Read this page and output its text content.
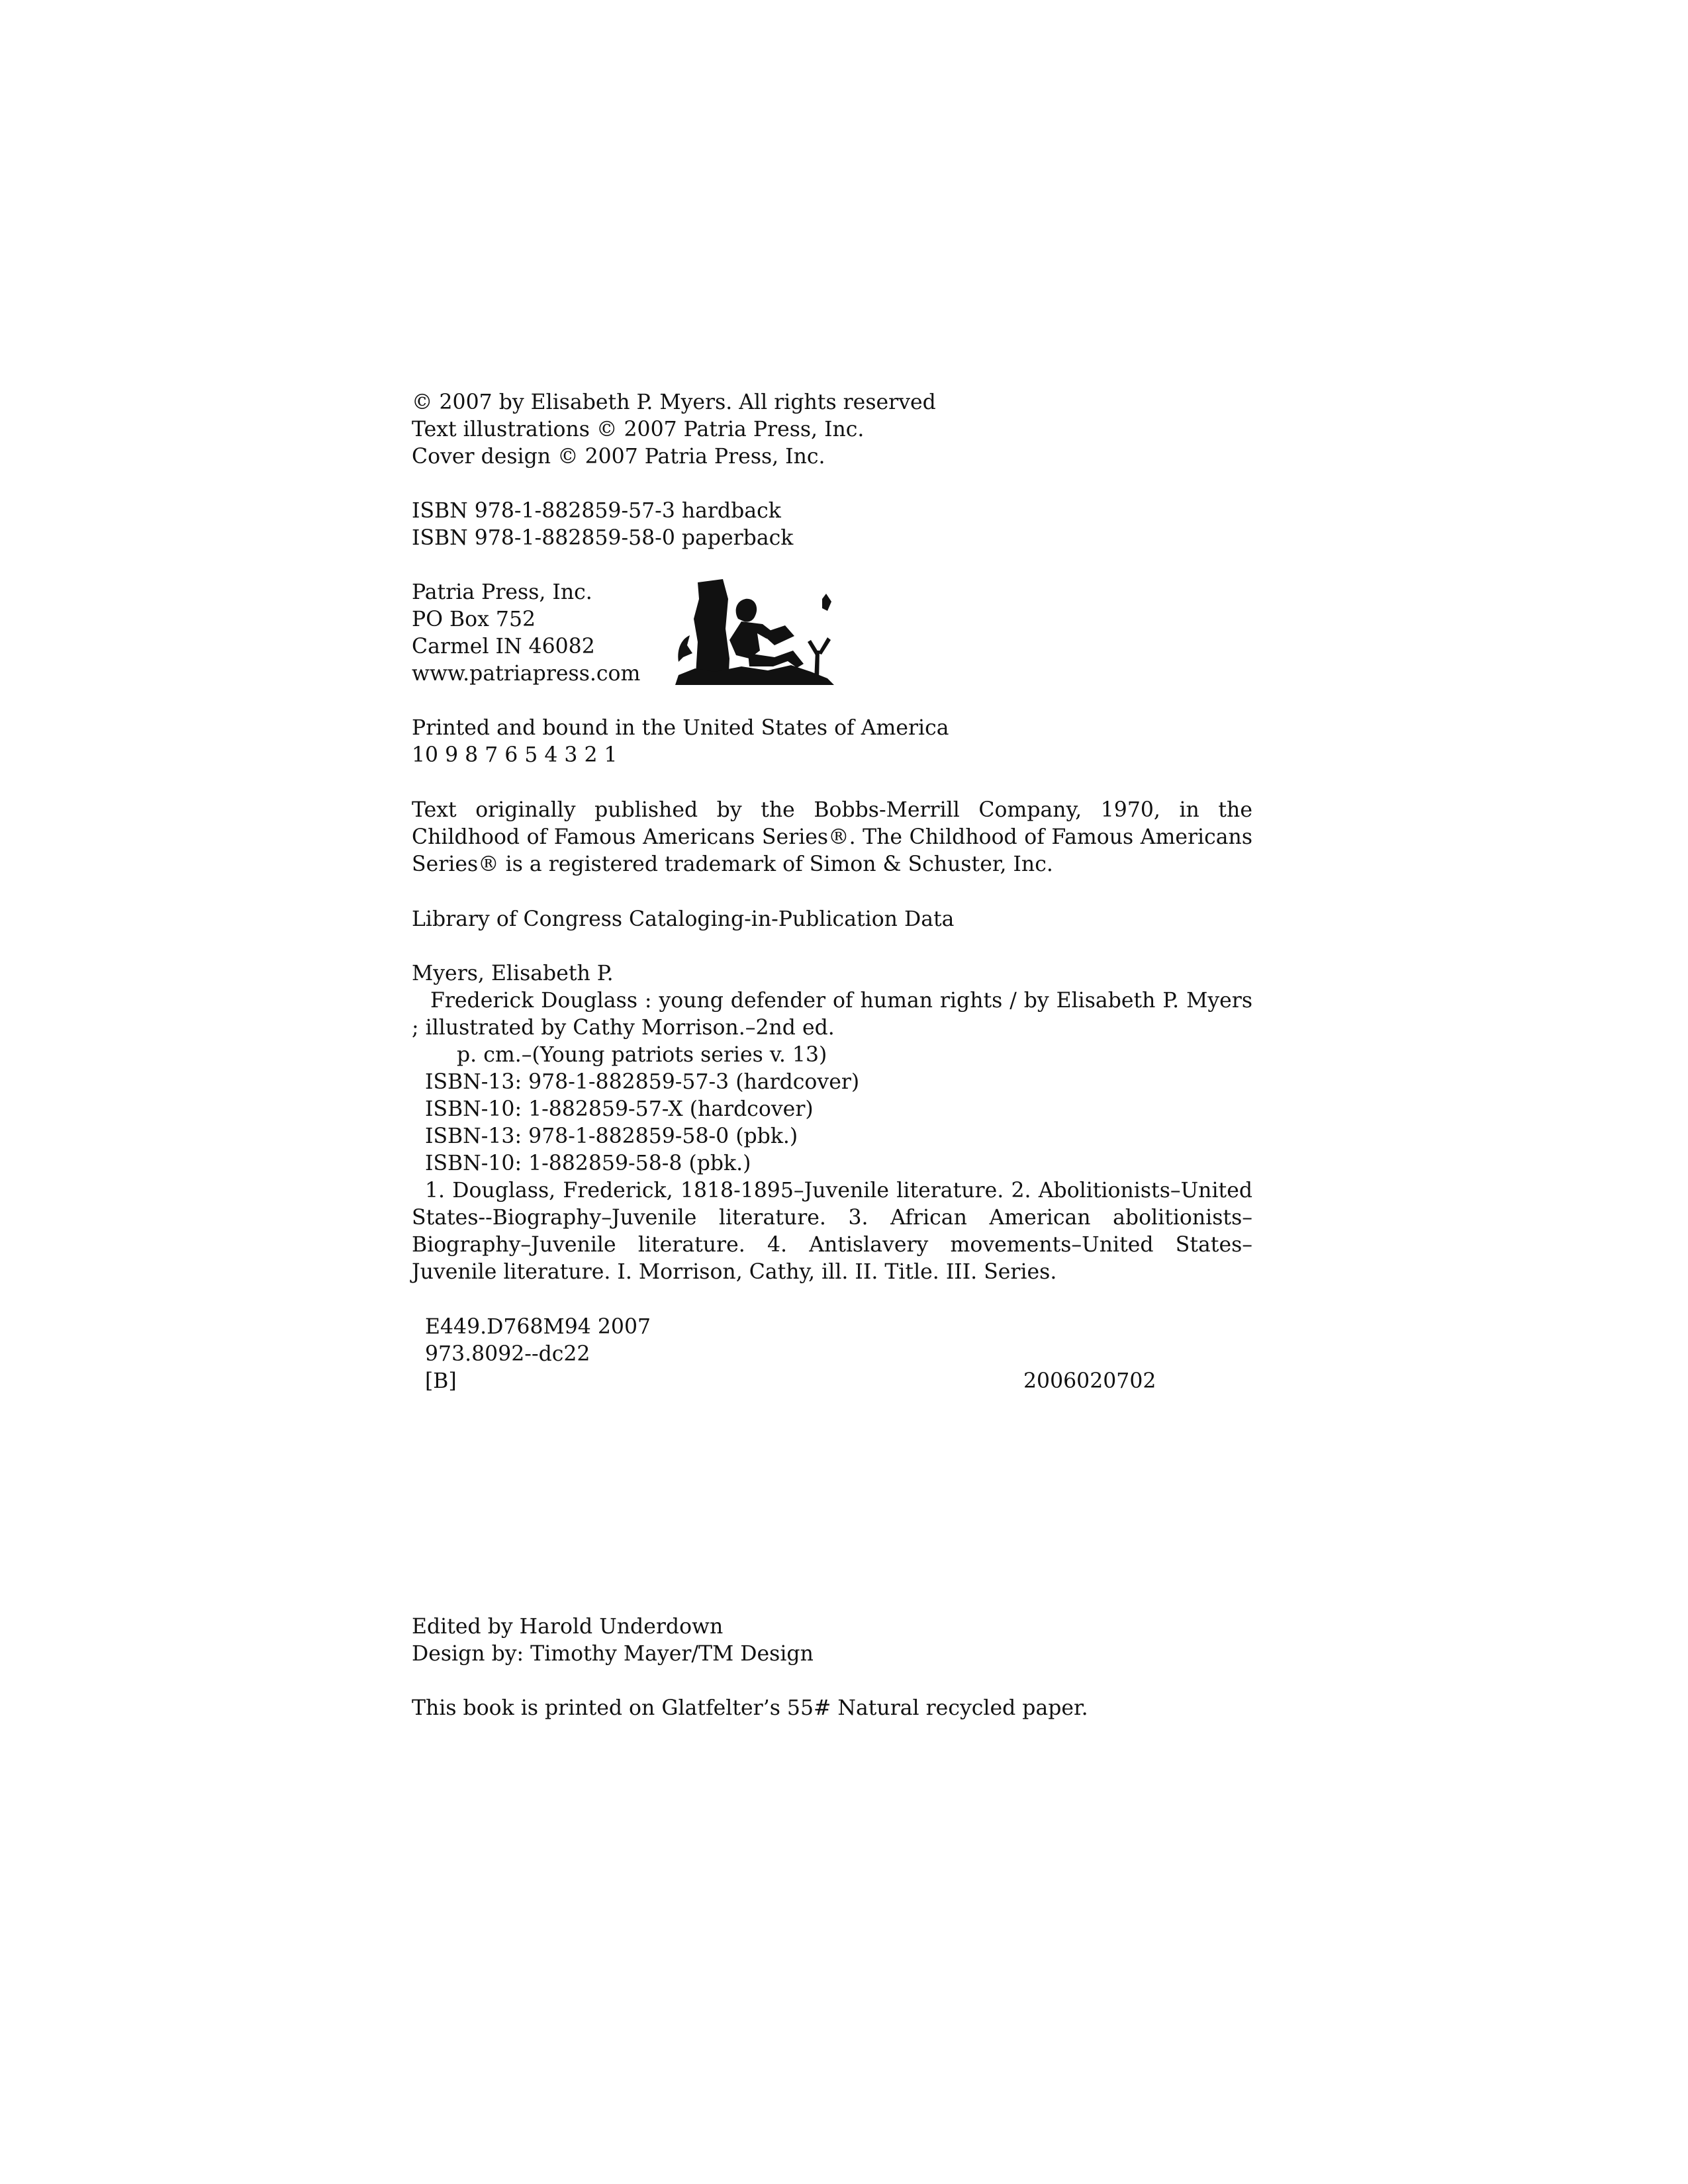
© 2007 by Elisabeth P. Myers. All rights reserved
Text illustrations © 2007 Patria Press, Inc.
Cover design © 2007 Patria Press, Inc.
ISBN 978-1-882859-57-3 hardback
ISBN 978-1-882859-58-0 paperback
Patria Press, Inc.
PO Box 752
Carmel IN 46082
www.patriapress.com
Printed and bound in the United States of America
10 9 8 7 6 5 4 3 2 1
Text originally published by the Bobbs-Merrill Company, 1970, in the Childhood of Famous Americans Series®. The Childhood of Famous Americans Series® is a registered trademark of Simon & Schuster, Inc.
Library of Congress Cataloging-in-Publication Data
Myers, Elisabeth P.
Frederick Douglass : young defender of human rights / by Elisabeth P. Myers ; illustrated by Cathy Morrison.–2nd ed.
p. cm.–(Young patriots series v. 13)
ISBN-13: 978-1-882859-57-3 (hardcover)
ISBN-10: 1-882859-57-X (hardcover)
ISBN-13: 978-1-882859-58-0 (pbk.)
ISBN-10: 1-882859-58-8 (pbk.)
1. Douglass, Frederick, 1818-1895–Juvenile literature. 2. Abolitionists–United States--Biography–Juvenile literature. 3. African American abolitionists–Biography–Juvenile literature. 4. Antislavery movements–United States–Juvenile literature. I. Morrison, Cathy, ill. II. Title. III. Series.
E449.D768M94 2007
973.8092--dc22
[B]	2006020702
Edited by Harold Underdown
Design by: Timothy Mayer/TM Design
This book is printed on Glatfelter’s 55# Natural recycled paper.
